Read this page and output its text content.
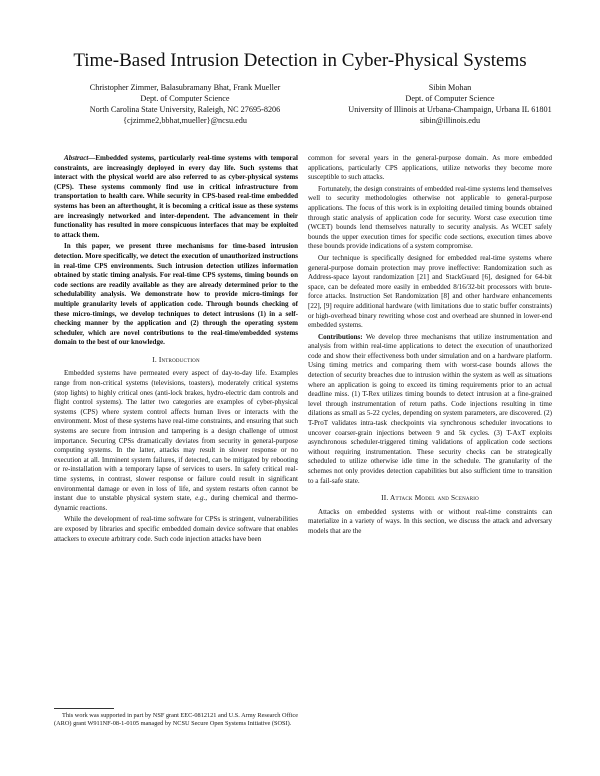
Time-Based Intrusion Detection in Cyber-Physical Systems
Christopher Zimmer, Balasubramany Bhat, Frank Mueller
Dept. of Computer Science
North Carolina State University, Raleigh, NC 27695-8206
{cjzimme2,bbhat,mueller}@ncsu.edu
Sibin Mohan
Dept. of Computer Science
University of Illinois at Urbana-Champaign, Urbana IL 61801
sibin@illinois.edu

Abstract—Embedded systems, particularly real-time systems with temporal constraints, are increasingly deployed in every day life. Such systems that interact with the physical world are also referred to as cyber-physical systems (CPS). These systems commonly find use in critical infrastructure from transportation to health care. While security in CPS-based real-time embedded systems has been an afterthought, it is becoming a critical issue as these systems are increasingly networked and inter-dependent. The advancement in their functionality has resulted in more conspicuous interfaces that may be exploited to attack them.

In this paper, we present three mechanisms for time-based intrusion detection. More specifically, we detect the execution of unauthorized instructions in real-time CPS environments. Such intrusion detection utilizes information obtained by static timing analysis. For real-time CPS systems, timing bounds on code sections are readily available as they are already determined prior to the schedulability analysis. We demonstrate how to provide micro-timings for multiple granularity levels of application code. Through bounds checking of these micro-timings, we develop techniques to detect intrusions (1) in a self-checking manner by the application and (2) through the operating system scheduler, which are novel contributions to the real-time/embedded systems domain to the best of our knowledge.

I. Introduction

Embedded systems have permeated every aspect of day-to-day life. Examples range from non-critical systems (televisions, toasters), moderately critical systems (stop lights) to highly critical ones (anti-lock brakes, hydro-electric dam controls and flight control systems). The latter two categories are examples of cyber-physical systems (CPS) where system control affects human lives or interacts with the environment. Most of these systems have real-time constraints, and ensuring that such systems are secure from intrusion and tampering is a design challenge of utmost importance. Securing CPSs dramatically deviates from security in general-purpose computing systems. In the latter, attacks may result in slower response or no execution at all. Imminent system failures, if detected, can be mitigated by rebooting or re-installation with a temporary lapse of services to users. In safety critical real-time systems, in contrast, slower response or failure could result in significant environmental damage or even in loss of life, and system restarts often cannot be instant due to unstable physical system state, e.g., during chemical and thermo-dynamic reactions.

While the development of real-time software for CPSs is stringent, vulnerabilities are exposed by libraries and specific embedded domain device software that enables attackers to execute arbitrary code. Such code injection attacks have been

This work was supported in part by NSF grant EEC-0812121 and U.S. Army Research Office (ARO) grant W911NF-08-1-0105 managed by NCSU Secure Open Systems Initiative (SOSI).

common for several years in the general-purpose domain. As more embedded applications, particularly CPS applications, utilize networks they become more susceptible to such attacks.

Fortunately, the design constraints of embedded real-time systems lend themselves well to security methodologies otherwise not applicable to general-purpose applications. The focus of this work is in exploiting detailed timing bounds obtained through static analysis of application code for security. Worst case execution time (WCET) bounds lend themselves naturally to security analysis. As WCET safely bounds the upper execution times for specific code sections, execution times above these bounds provide indications of a system compromise.

Our technique is specifically designed for embedded real-time systems where general-purpose domain protection may prove ineffective: Randomization such as Address-space layout randomization [21] and StackGuard [6], designed for 64-bit space, can be defeated more easily in embedded 8/16/32-bit processors with brute-force attacks. Instruction Set Randomization [8] and other hardware enhancements [22], [9] require additional hardware (with limitations due to static buffer constraints) or high-overhead binary rewriting whose cost and overhead are shunned in lower-end embedded systems.

Contributions: We develop three mechanisms that utilize instrumentation and analysis from within real-time applications to detect the execution of unauthorized code and show their effectiveness both under simulation and on a hardware platform. Using timing metrics and comparing them with worst-case bounds allows the detection of security breaches due to intrusion within the system as well as situations where an application is going to exceed its timing requirements prior to an actual deadline miss. (1) T-Rex utilizes timing bounds to detect intrusion at a fine-grained level through instrumentation of return paths. Code injections resulting in time dilations as small as 5-22 cycles, depending on system parameters, are discovered. (2) T-ProT validates intra-task checkpoints via synchronous scheduler invocations to uncover coarser-grain injections between 9 and 5k cycles. (3) T-AxT exploits asynchronous scheduler-triggered timing validations of application code sections without requiring instrumentation. These security checks can be strategically scheduled to utilize otherwise idle time in the schedule. The granularity of the schemes not only provides detection capabilities but also sufficient time to transition to a fail-safe state.

II. Attack Model and Scenario

Attacks on embedded systems with or without real-time constraints can materialize in a variety of ways. In this section, we discuss the attack and adversary models that are the
